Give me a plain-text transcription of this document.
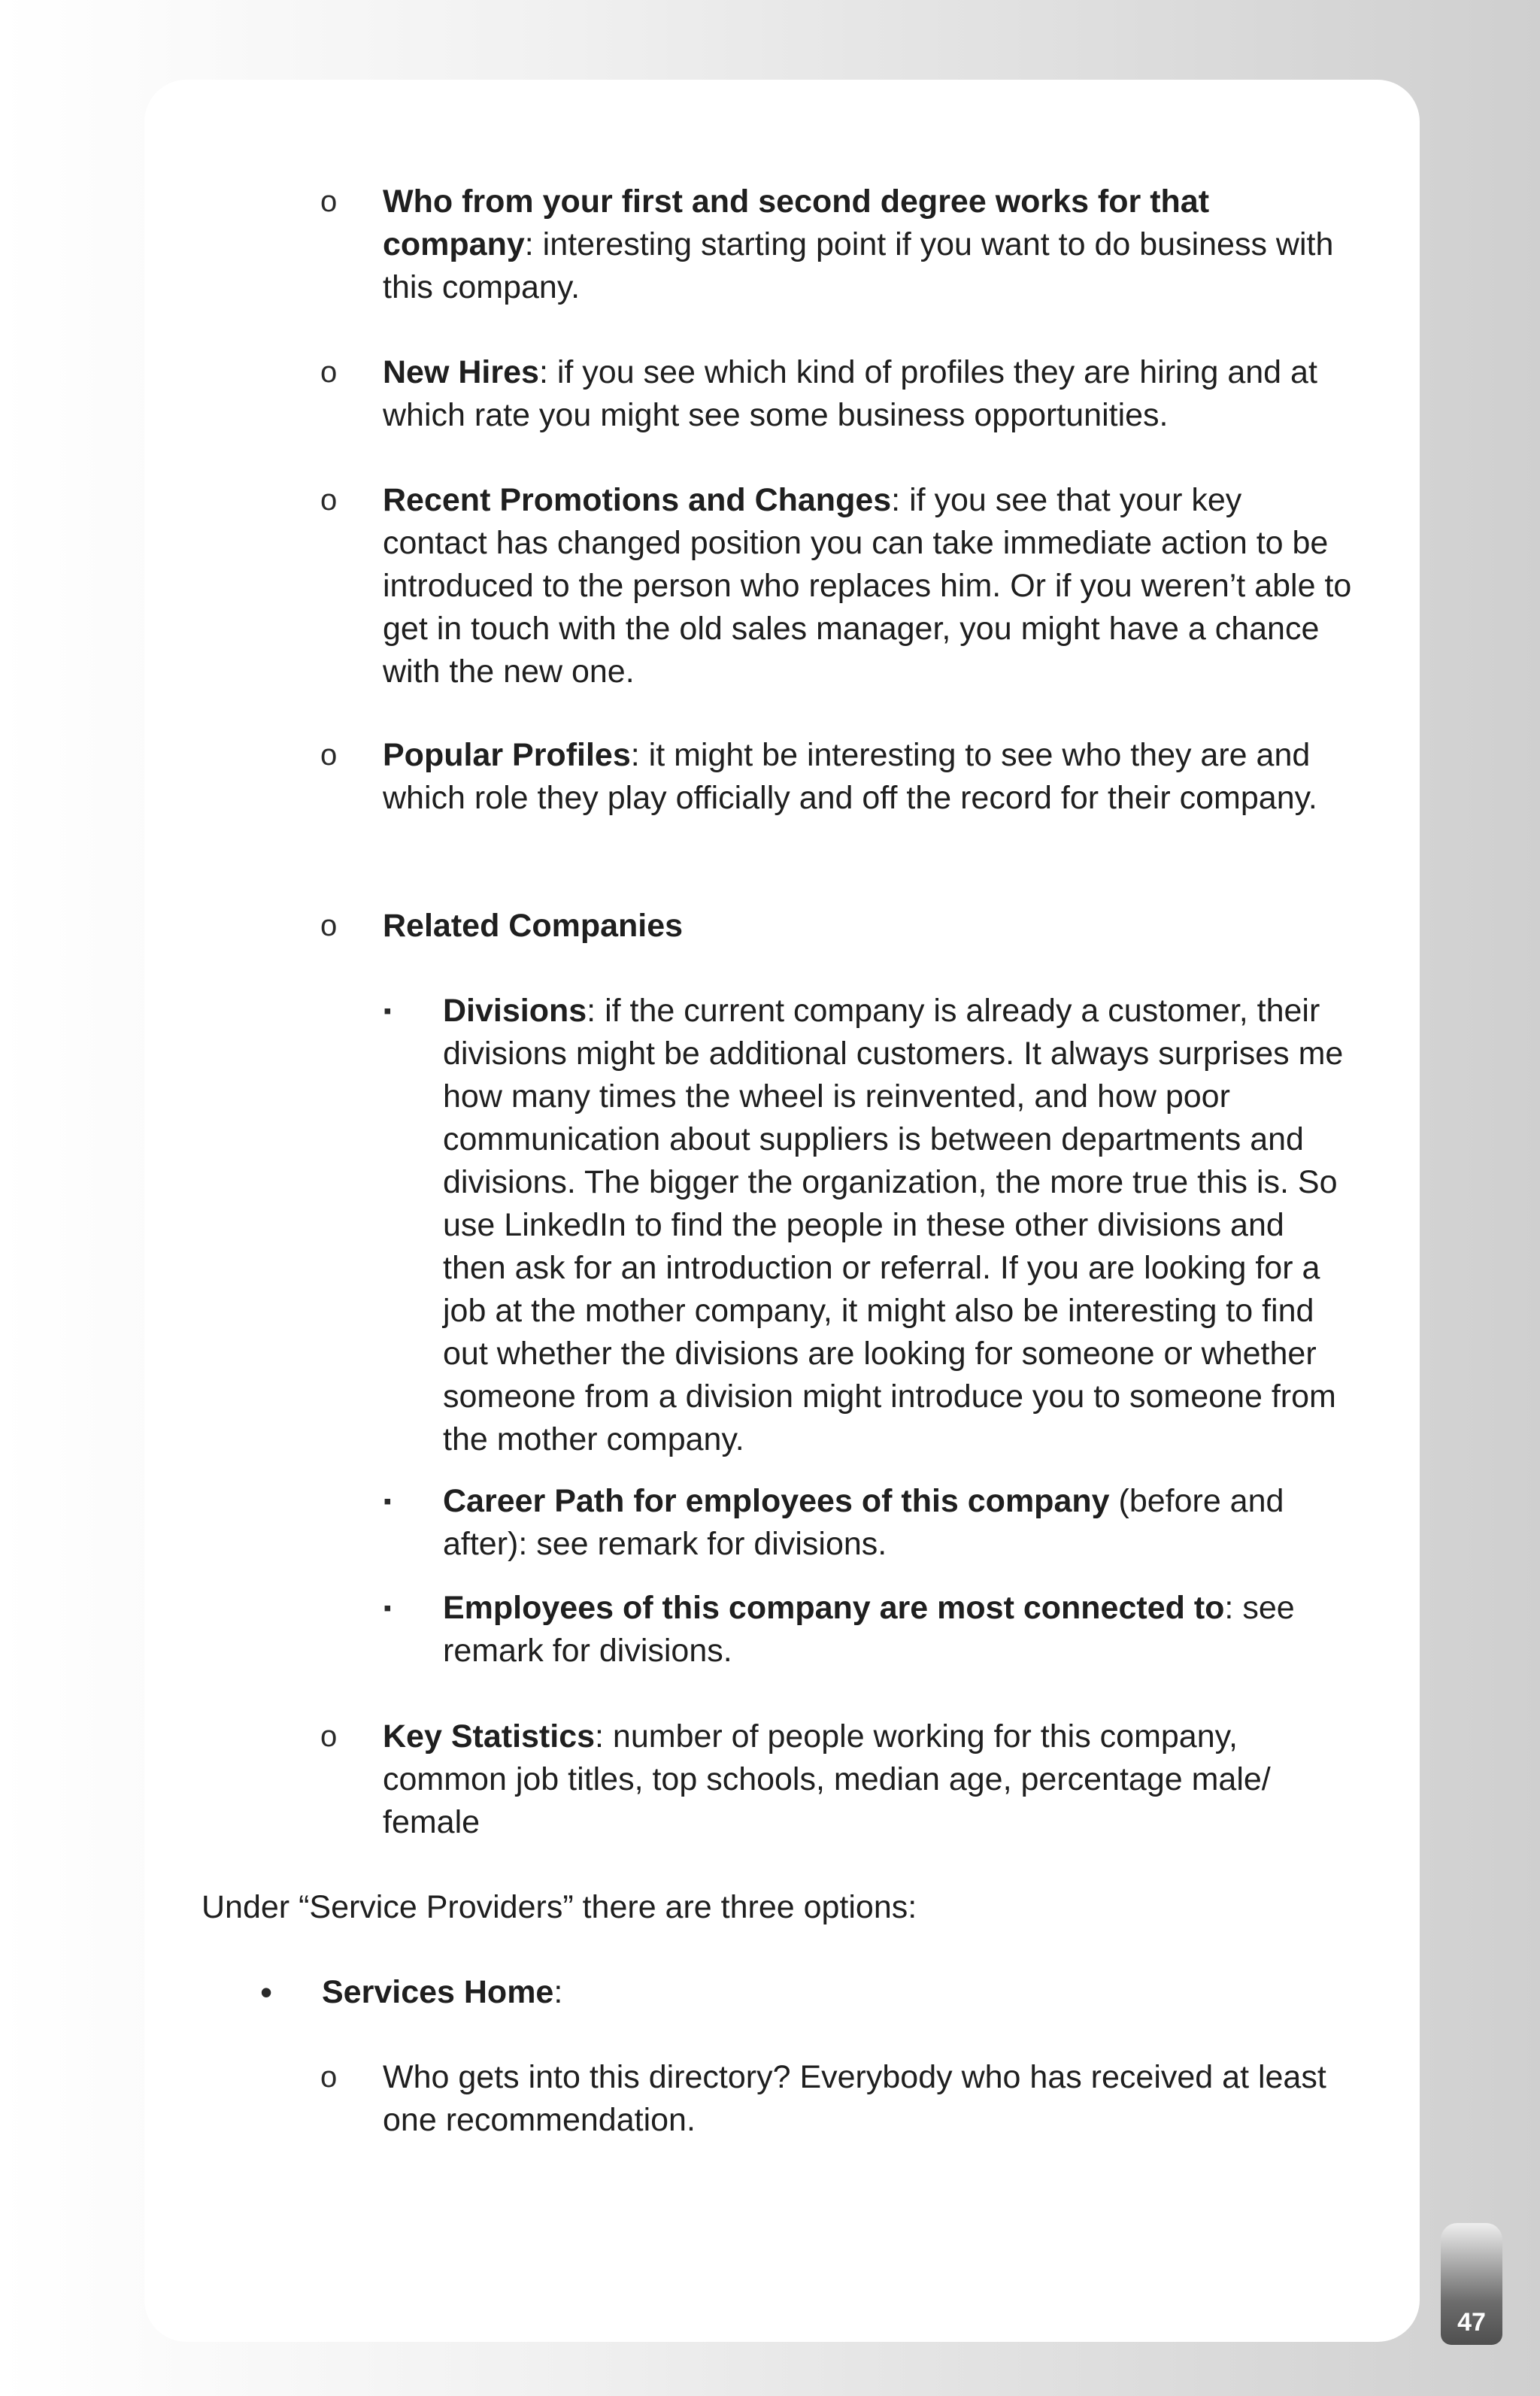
o Who from your first and second degree works for that company: interesting starting point if you want to do business with this company.

o New Hires: if you see which kind of profiles they are hiring and at which rate you might see some business opportunities.

o Recent Promotions and Changes: if you see that your key contact has changed position you can take immediate action to be introduced to the person who replaces him. Or if you weren’t able to get in touch with the old sales manager, you might have a chance with the new one.

o Popular Profiles: it might be interesting to see who they are and which role they play officially and off the record for their company.

o Related Companies

▪ Divisions: if the current company is already a customer, their divisions might be additional customers. It always surprises me how many times the wheel is reinvented, and how poor communication about suppliers is between departments and divisions. The bigger the organization, the more true this is. So use LinkedIn to find the people in these other divisions and then ask for an introduction or referral. If you are looking for a job at the mother company, it might also be interesting to find out whether the divisions are looking for someone or whether someone from a division might introduce you to someone from the mother company.

▪ Career Path for employees of this company (before and after): see remark for divisions.

▪ Employees of this company are most connected to: see remark for divisions.

o Key Statistics: number of people working for this company, common job titles, top schools, median age, percentage male/ female

Under “Service Providers” there are three options:

• Services Home:

o Who gets into this directory? Everybody who has received at least one recommendation.

47
